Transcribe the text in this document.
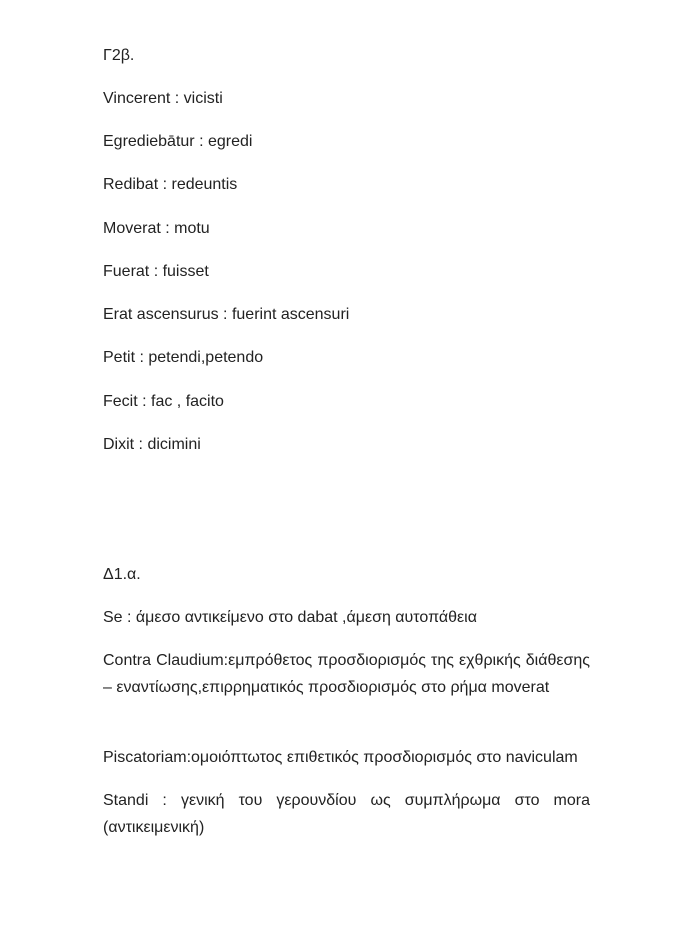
Γ2β.
Vincerent : vicisti
Egrediebātur : egredi
Redibat : redeuntis
Moverat : motu
Fuerat : fuisset
Erat ascensurus : fuerint ascensuri
Petit : petendi,petendo
Fecit : fac , facito
Dixit : dicimini
Δ1.α.
Se : άμεσο αντικείμενο στο dabat ,άμεση αυτοπάθεια
Contra Claudium:εμπρόθετος προσδιορισμός της εχθρικής διάθεσης – εναντίωσης,επιρρηματικός προσδιορισμός στο ρήμα moverat
Piscatoriam:ομοιόπτωτος επιθετικός προσδιορισμός στο naviculam
Standi : γενική του γερουνδίου ως συμπλήρωμα στο mora (αντικειμενική)
